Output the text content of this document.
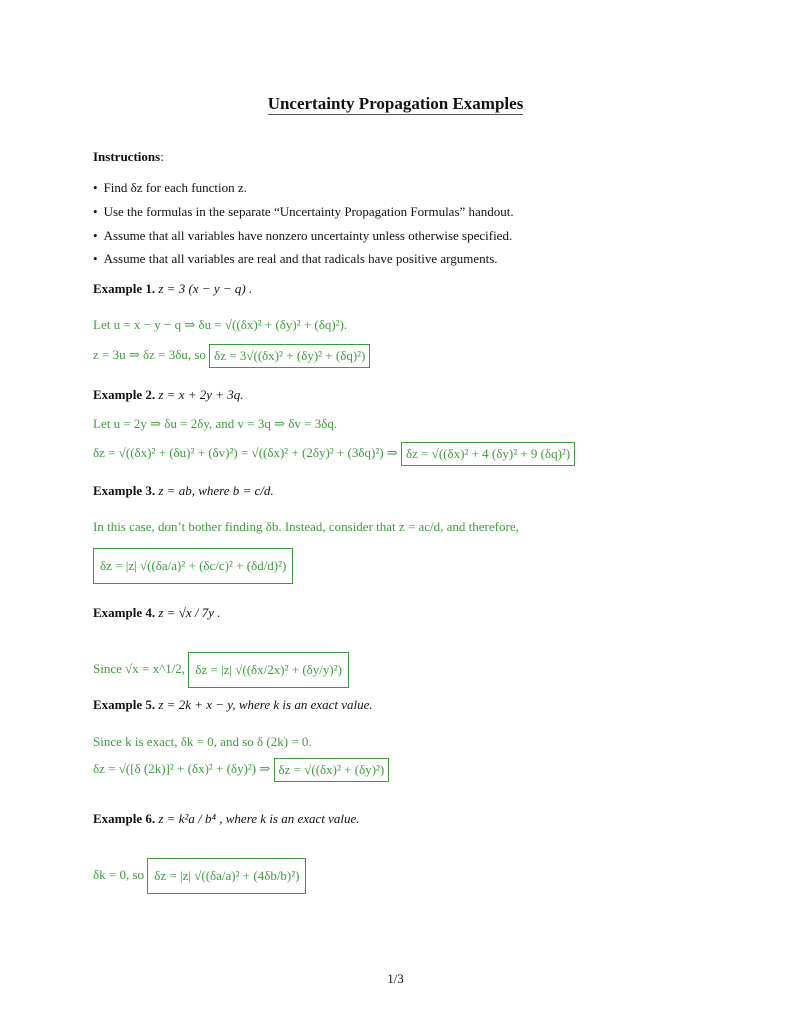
Uncertainty Propagation Examples
Instructions:
• Find δz for each function z.
• Use the formulas in the separate “Uncertainty Propagation Formulas” handout.
• Assume that all variables have nonzero uncertainty unless otherwise specified.
• Assume that all variables are real and that radicals have positive arguments.
Example 1. z = 3 (x − y − q) .
Let u = x − y − q ⇒ δu = √((δx)² + (δy)² + (δq)²).
z = 3u ⇒ δz = 3δu, so δz = 3√((δx)² + (δy)² + (δq)²)
Example 2. z = x + 2y + 3q.
Let u = 2y ⇒ δu = 2δy, and v = 3q ⇒ δv = 3δq.
δz = √((δx)² + (δu)² + (δv)²) = √((δx)² + (2δy)² + (3δq)²) ⇒ δz = √((δx)² + 4 (δy)² + 9 (δq)²)
Example 3. z = ab, where b = c/d.
In this case, don’t bother finding δb. Instead, consider that z = ac/d, and therefore,
δz = |z| √((δa/a)² + (δc/c)² + (δd/d)²)
Example 4. z = √x / 7y .
Since √x = x^1/2, δz = |z| √((δx/2x)² + (δy/y)²)
Example 5. z = 2k + x − y, where k is an exact value.
Since k is exact, δk = 0, and so δ (2k) = 0.
δz = √([δ (2k)]² + (δx)² + (δy)²) ⇒ δz = √((δx)² + (δy)²)
Example 6. z = k²a / b⁴ , where k is an exact value.
δk = 0, so δz = |z| √((δa/a)² + (4δb/b)²)
1/3
